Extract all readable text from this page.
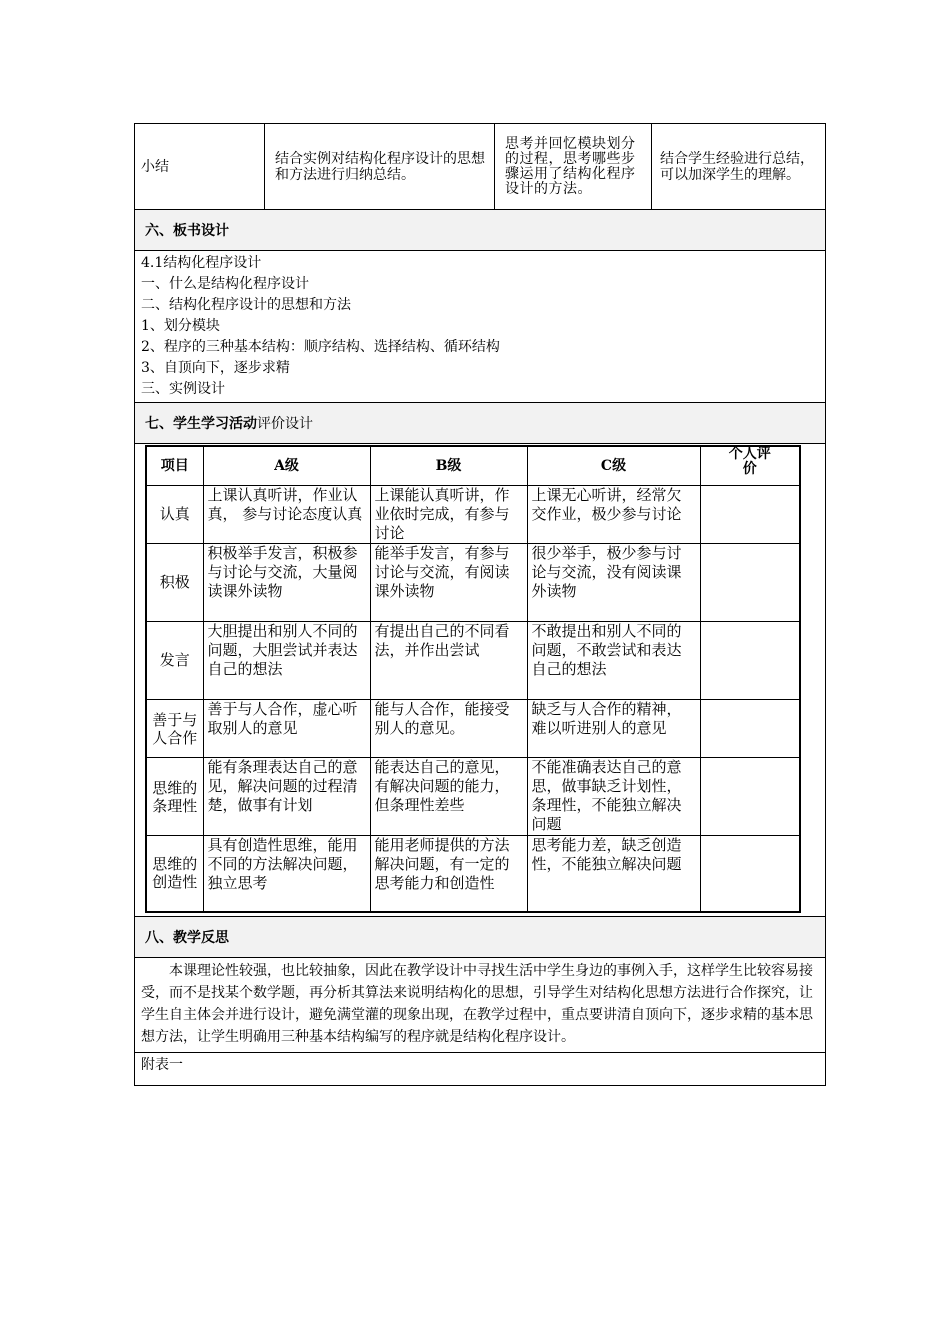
小结	结合实例对结构化程序设计的思想和方法进行归纳总结。	思考并回忆模块划分的过程，思考哪些步骤运用了结构化程序设计的方法。	结合学生经验进行总结，可以加深学生的理解。
六、板书设计

4.1结构化程序设计
一、什么是结构化程序设计
二、结构化程序设计的思想和方法
1、划分模块
2、程序的三种基本结构：顺序结构、选择结构、循环结构
3、自顶向下，逐步求精
三、实例设计

七、学生学习活动评价设计

项目	A级	B级	C级	个人评价
认真	上课认真听讲，作业认真， 参与讨论态度认真	上课能认真听讲，作业依时完成，有参与讨论	上课无心听讲，经常欠交作业，极少参与讨论	
积极	积极举手发言，积极参与讨论与交流，大量阅读课外读物	能举手发言，有参与讨论与交流，有阅读课外读物	很少举手，极少参与讨论与交流，没有阅读课外读物	
发言	大胆提出和别人不同的问题，大胆尝试并表达自己的想法	有提出自己的不同看法，并作出尝试	不敢提出和别人不同的问题，不敢尝试和表达自己的想法	
善于与人合作	善于与人合作，虚心听取别人的意见	能与人合作，能接受别人的意见。	缺乏与人合作的精神，难以听进别人的意见	
思维的条理性	能有条理表达自己的意见，解决问题的过程清楚，做事有计划	能表达自己的意见，有解决问题的能力，但条理性差些	不能准确表达自己的意思，做事缺乏计划性，条理性，不能独立解决问题	
思维的创造性	具有创造性思维，能用不同的方法解决问题，独立思考	能用老师提供的方法解决问题，有一定的思考能力和创造性	思考能力差，缺乏创造性，不能独立解决问题	

八、教学反思
本课理论性较强，也比较抽象，因此在教学设计中寻找生活中学生身边的事例入手，这样学生比较容易接受，而不是找某个数学题，再分析其算法来说明结构化的思想，引导学生对结构化思想方法进行合作探究，让学生自主体会并进行设计，避免满堂灌的现象出现，在教学过程中，重点要讲清自顶向下，逐步求精的基本思想方法，让学生明确用三种基本结构编写的程序就是结构化程序设计。
附表一
